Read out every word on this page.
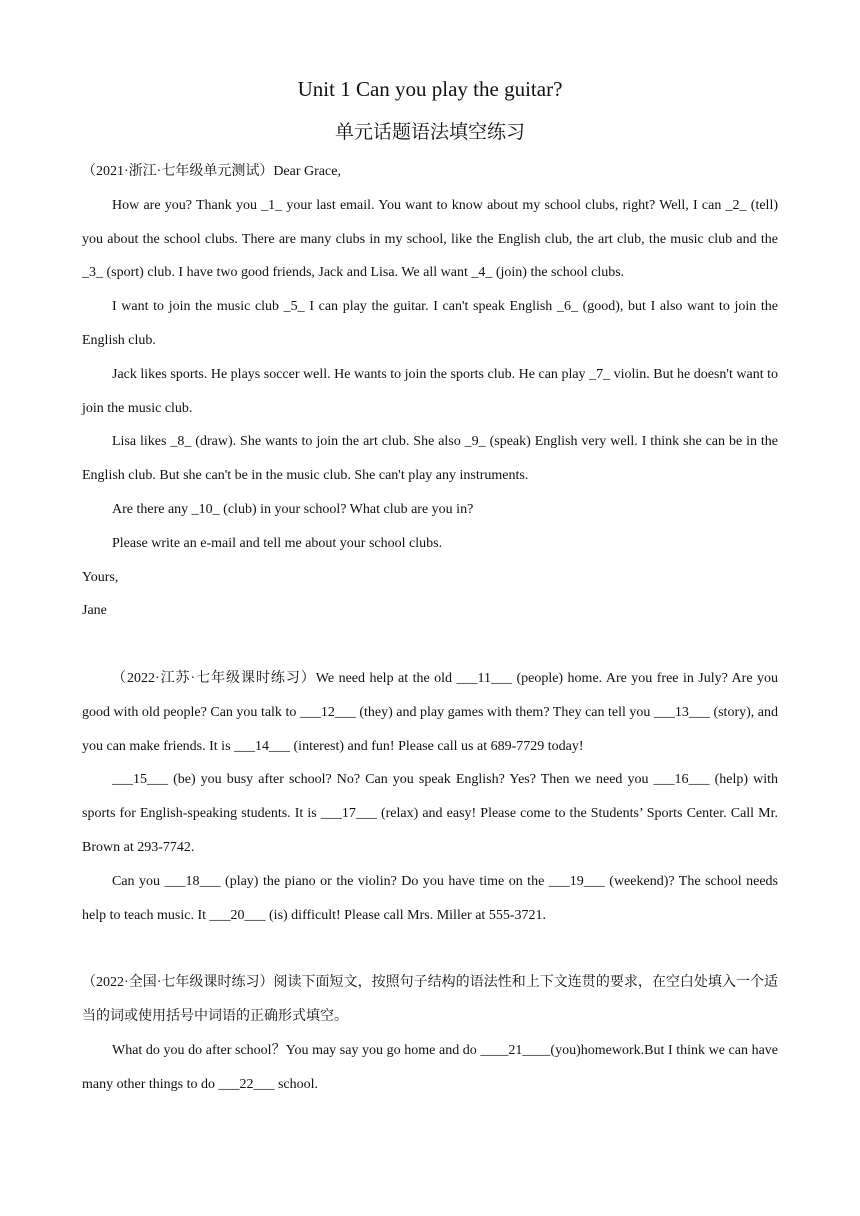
Unit 1 Can you play the guitar?
单元话题语法填空练习

（2021·浙江·七年级单元测试）Dear Grace,

How are you? Thank you _1_ your last email. You want to know about my school clubs, right? Well, I can _2_ (tell) you about the school clubs. There are many clubs in my school, like the English club, the art club, the music club and the _3_ (sport) club. I have two good friends, Jack and Lisa. We all want _4_ (join) the school clubs.

I want to join the music club _5_ I can play the guitar. I can't speak English _6_ (good), but I also want to join the English club.

Jack likes sports. He plays soccer well. He wants to join the sports club. He can play _7_ violin. But he doesn't want to join the music club.

Lisa likes _8_ (draw). She wants to join the art club. She also _9_ (speak) English very well. I think she can be in the English club. But she can't be in the music club. She can't play any instruments.

Are there any _10_ (club) in your school? What club are you in?

Please write an e-mail and tell me about your school clubs.

Yours,

Jane

（2022·江苏·七年级课时练习）We need help at the old ___11___ (people) home. Are you free in July? Are you good with old people? Can you talk to ___12___ (they) and play games with them? They can tell you ___13___ (story), and you can make friends. It is ___14___ (interest) and fun! Please call us at 689-7729 today!

___15___ (be) you busy after school? No? Can you speak English? Yes? Then we need you ___16___ (help) with sports for English-speaking students. It is ___17___ (relax) and easy! Please come to the Students’ Sports Center. Call Mr. Brown at 293-7742.

Can you ___18___ (play) the piano or the violin? Do you have time on the ___19___ (weekend)? The school needs help to teach music. It ___20___ (is) difficult! Please call Mrs. Miller at 555-3721.

（2022·全国·七年级课时练习）阅读下面短文，按照句子结构的语法性和上下文连贯的要求，在空白处填入一个适当的词或使用括号中词语的正确形式填空。

What do you do after school？You may say you go home and do ____21____(you)homework.But I think we can have many other things to do ___22___ school.
